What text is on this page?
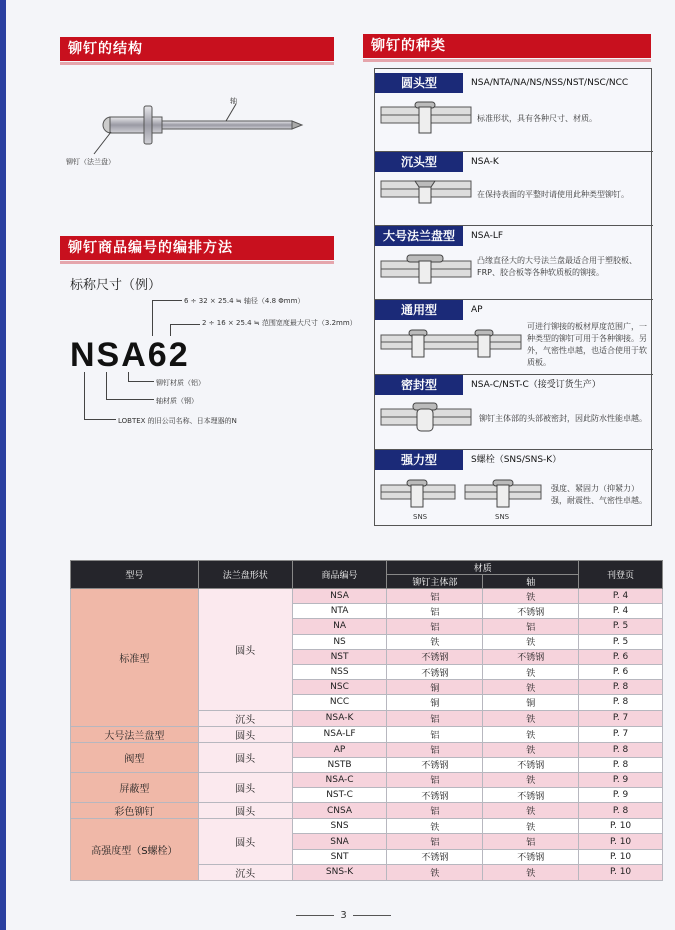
铆钉的结构	铆钉的种类
轴
铆钉（法兰盘）
铆钉商品编号的编排方法
标称尺寸（例）
NSA62
6 ÷ 32 × 25.4 ≒ 轴径（4.8 Φmm）
2 ÷ 16 × 25.4 ≒ 范围宽度最大尺寸（3.2mm）
铆钉材质（铝）
轴材质（钢）
LOBTEX 的旧公司名称、日本理器的N
圆头型	NSA/NTA/NA/NS/NSS/NST/NSC/NCC
标准形状，具有各种尺寸、材质。
沉头型	NSA-K
在保持表面的平整时请使用此种类型铆钉。
大号法兰盘型	NSA-LF
凸缘直径大的大号法兰盘最适合用于塑胶板、FRP、胶合板等各种软质板的铆接。
通用型	AP
可进行铆接的板材厚度范围广，一种类型的铆钉可用于各种铆接。另外，气密性卓越，也适合使用于软质板。
密封型	NSA-C/NST-C（接受订货生产）
铆钉主体部的头部被密封，因此防水性能卓越。
强力型	S螺栓（SNS/SNS-K）
SNS	SNS
强度、紧固力（抑紧力）强，耐震性、气密性卓越。
型号	法兰盘形状	商品编号	材质		刊登页
			铆钉主体部	轴	
标准型	圆头	NSA	铝	铁	P. 4
		NTA	铝	不锈钢	P. 4
		NA	铝	铝	P. 5
		NS	铁	铁	P. 5
		NST	不锈钢	不锈钢	P. 6
		NSS	不锈钢	铁	P. 6
		NSC	铜	铁	P. 8
		NCC	铜	铜	P. 8
	沉头	NSA-K	铝	铁	P. 7
大号法兰盘型	圆头	NSA-LF	铝	铁	P. 7
阀型	圆头	AP	铝	铁	P. 8
		NSTB	不锈钢	不锈钢	P. 8
屏蔽型	圆头	NSA-C	铝	铁	P. 9
		NST-C	不锈钢	不锈钢	P. 9
彩色铆钉	圆头	CNSA	铝	铁	P. 8
高强度型（S螺栓）	圆头	SNS	铁	铁	P. 10
		SNA	铝	铝	P. 10
		SNT	不锈钢	不锈钢	P. 10
	沉头	SNS-K	铁	铁	P. 10
3
